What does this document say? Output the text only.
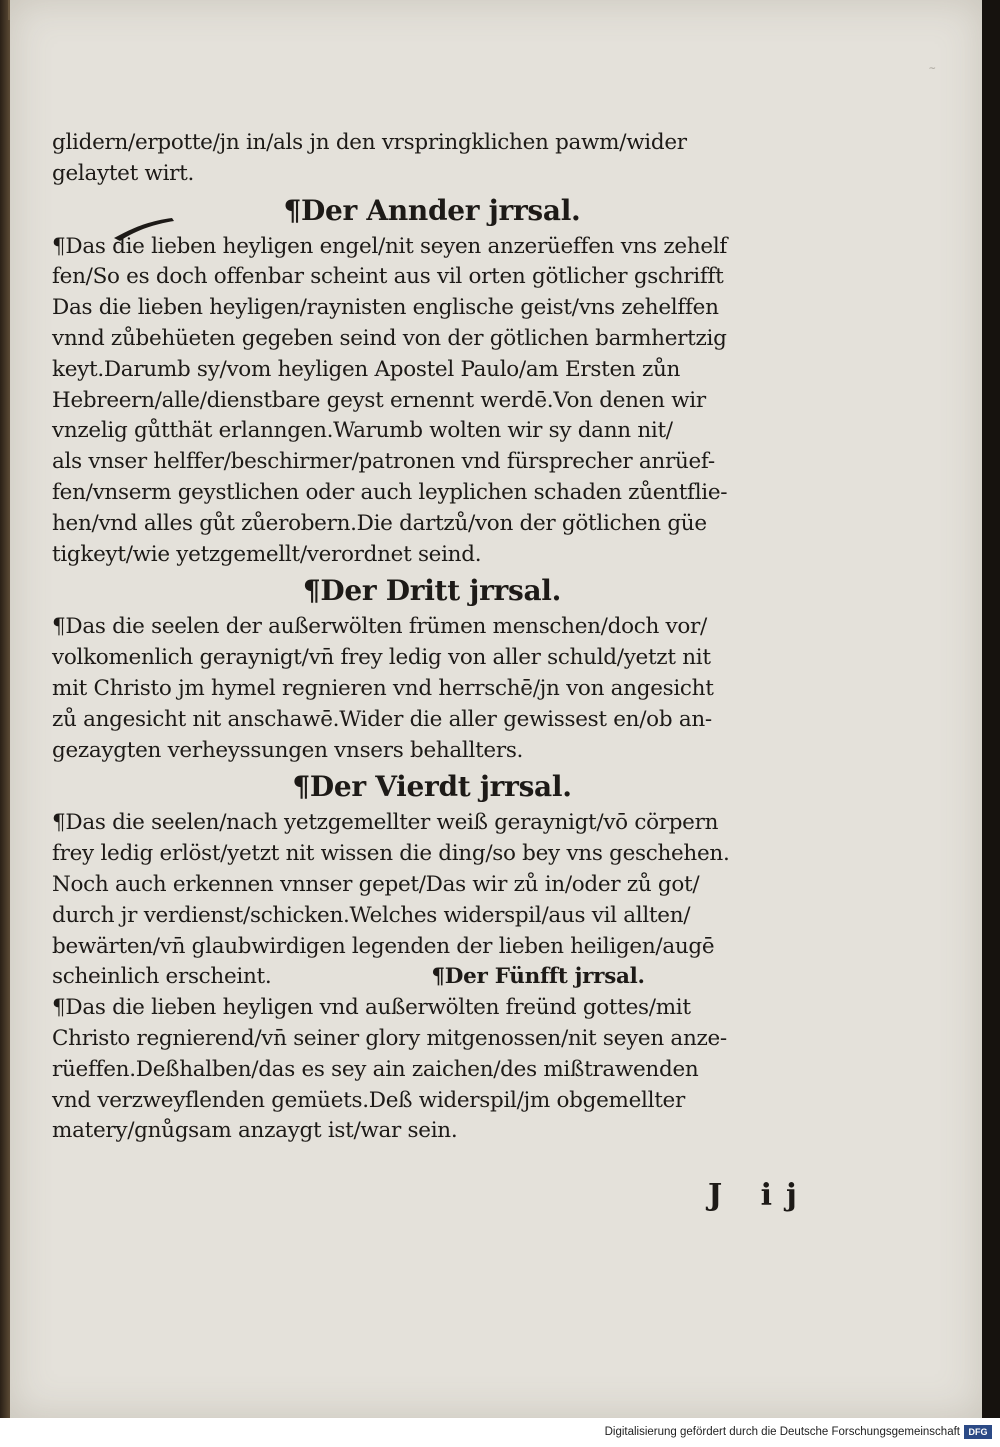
~
glidern/erpotte/jn in/als jn den vrspringklichen pawm/wider
gelaytet wirt.
¶Der Annder jrrsal.
¶Das die lieben heyligen engel/nit seyen anzerüeffen vns zehelf
fen/So es doch offenbar scheint aus vil orten götlicher gschrifft
Das die lieben heyligen/raynisten englische geist/vns zehelffen
vnnd zůbehüeten gegeben seind von der götlichen barmhertzig
keyt.Darumb sy/vom heyligen Apostel Paulo/am Ersten zůn
Hebreern/alle/dienstbare geyst ernennt werdē.Von denen wir
vnzelig gůtthät erlanngen.Warumb wolten wir sy dann nit/
als vnser helffer/beschirmer/patronen vnd fürsprecher anrüef-
fen/vnserm geystlichen oder auch leyplichen schaden zůentflie-
hen/vnd alles gůt zůerobern.Die dartzů/von der götlichen güe
tigkeyt/wie yetzgemellt/verordnet seind.
¶Der Dritt jrrsal.
¶Das die seelen der außerwölten frümen menschen/doch vor/
volkomenlich geraynigt/vn̄ frey ledig von aller schuld/yetzt nit
mit Christo jm hymel regnieren vnd herrschē/jn von angesicht
zů angesicht nit anschawē.Wider die aller gewissest en/ob an-
gezaygten verheyssungen vnsers behallters.
¶Der Vierdt jrrsal.
¶Das die seelen/nach yetzgemellter weiß geraynigt/vō cörpern
frey ledig erlöst/yetzt nit wissen die ding/so bey vns geschehen.
Noch auch erkennen vnnser gepet/Das wir zů in/oder zů got/
durch jr verdienst/schicken.Welches widerspil/aus vil allten/
bewärten/vn̄ glaubwirdigen legenden der lieben heiligen/augē
scheinlich erscheint.	¶Der Fünfft jrrsal.
¶Das die lieben heyligen vnd außerwölten freünd gottes/mit
Christo regnierend/vn̄ seiner glory mitgenossen/nit seyen anze-
rüeffen.Deßhalben/das es sey ain zaichen/des mißtrawenden
vnd verzweyflenden gemüets.Deß widerspil/jm obgemellter
matery/gnůgsam anzaygt ist/war sein.
J ij
Digitalisierung gefördert durch die Deutsche Forschungsgemeinschaft DFG
